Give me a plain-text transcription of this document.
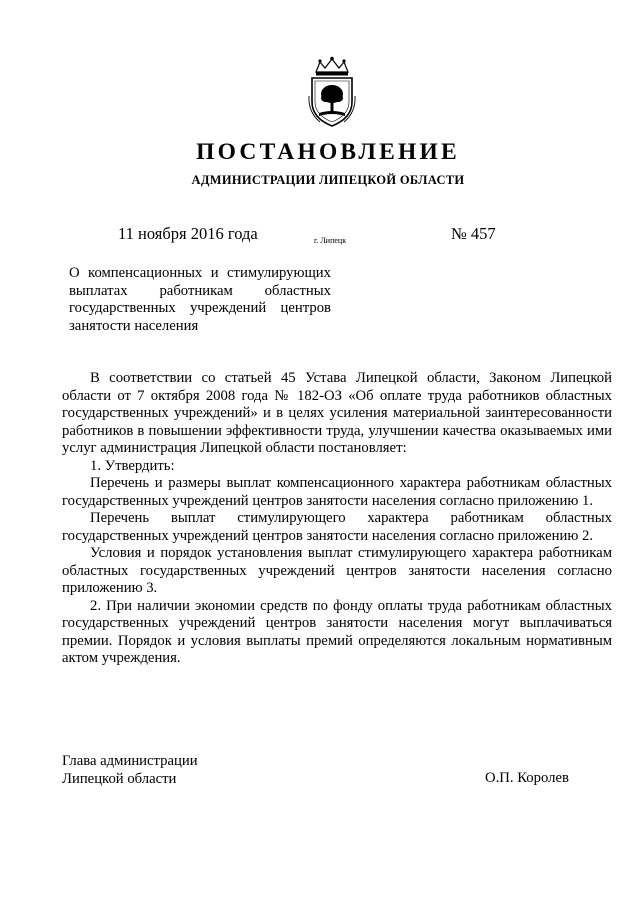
ПОСТАНОВЛЕНИЕ
АДМИНИСТРАЦИИ ЛИПЕЦКОЙ ОБЛАСТИ
11 ноября 2016 года	г. Липецк	№ 457
О компенсационных и стимулирующих выплатах работникам областных государственных учреждений центров занятости населения

В соответствии со статьей 45 Устава Липецкой области, Законом Липецкой области от 7 октября 2008 года № 182-ОЗ «Об оплате труда работников областных государственных учреждений» и в целях усиления материальной заинтересованности работников в повышении эффективности труда, улучшении качества оказываемых ими услуг администрация Липецкой области постановляет:

1. Утвердить:

Перечень и размеры выплат компенсационного характера работникам областных государственных учреждений центров занятости населения согласно приложению 1.

Перечень выплат стимулирующего характера работникам областных государственных учреждений центров занятости населения согласно приложению 2.

Условия и порядок установления выплат стимулирующего характера работникам областных государственных учреждений центров занятости населения согласно приложению 3.

2. При наличии экономии средств по фонду оплаты труда работникам областных государственных учреждений центров занятости населения могут выплачиваться премии. Порядок и условия выплаты премий определяются локальным нормативным актом учреждения.

Глава администрации
Липецкой области	О.П. Королев
